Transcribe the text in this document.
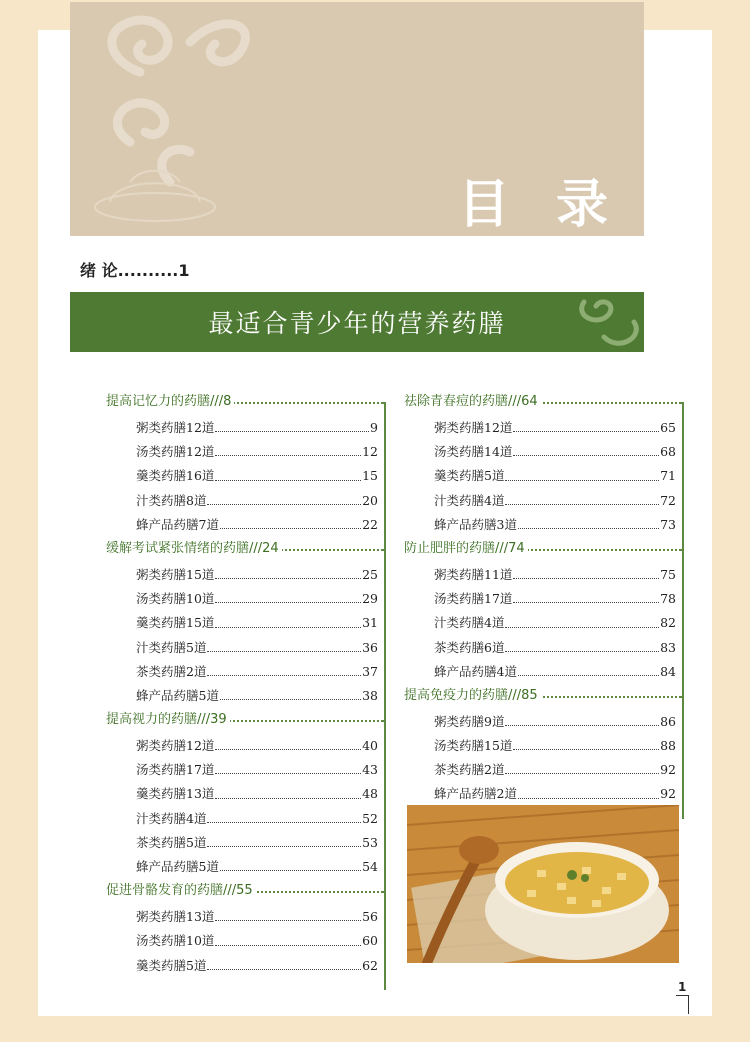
目 录
绪 论..........1
最适合青少年的营养药膳
提高记忆力的药膳///8
粥类药膳12道	9
汤类药膳12道	12
羹类药膳16道	15
汁类药膳8道	20
蜂产品药膳7道	22
缓解考试紧张情绪的药膳///24
粥类药膳15道	25
汤类药膳10道	29
羹类药膳15道	31
汁类药膳5道	36
茶类药膳2道	37
蜂产品药膳5道	38
提高视力的药膳///39
粥类药膳12道	40
汤类药膳17道	43
羹类药膳13道	48
汁类药膳4道	52
茶类药膳5道	53
蜂产品药膳5道	54
促进骨骼发育的药膳///55
粥类药膳13道	56
汤类药膳10道	60
羹类药膳5道	62
祛除青春痘的药膳///64
粥类药膳12道	65
汤类药膳14道	68
羹类药膳5道	71
汁类药膳4道	72
蜂产品药膳3道	73
防止肥胖的药膳///74
粥类药膳11道	75
汤类药膳17道	78
汁类药膳4道	82
茶类药膳6道	83
蜂产品药膳4道	84
提高免疫力的药膳///85
粥类药膳9道	86
汤类药膳15道	88
茶类药膳2道	92
蜂产品药膳2道	92
1
